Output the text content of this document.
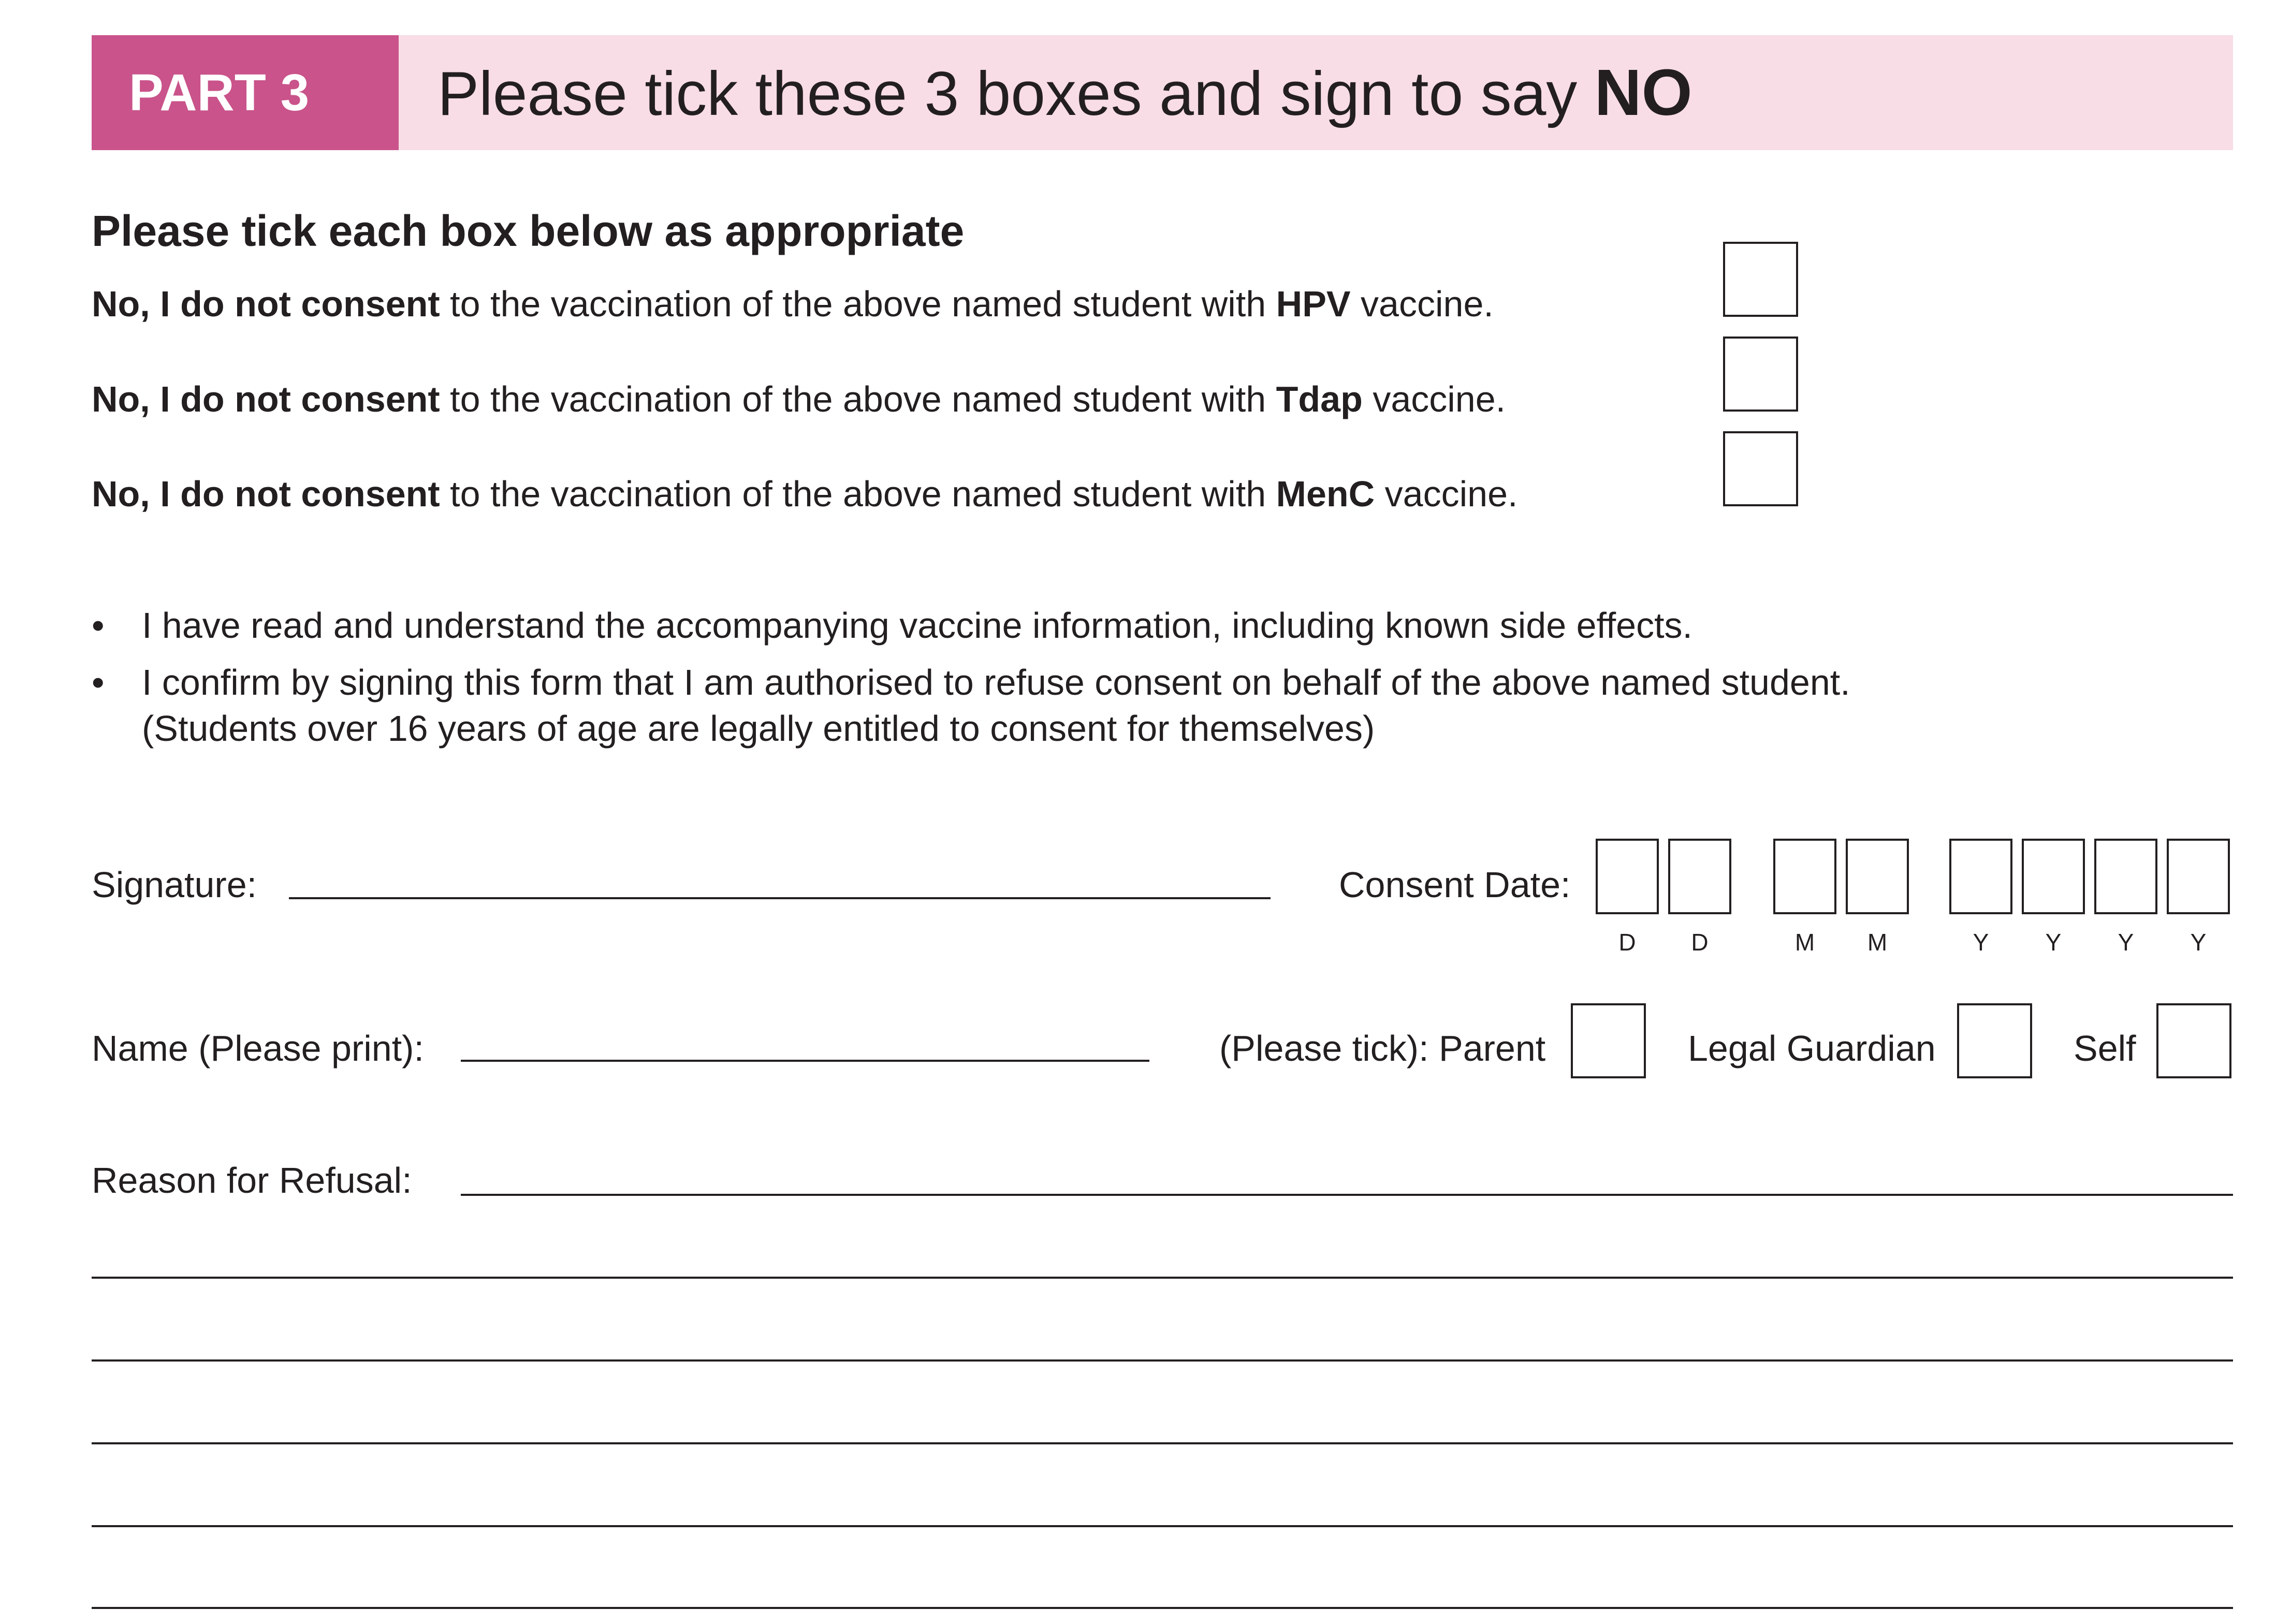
PART 3	Please tick these 3 boxes and sign to say NO
Please tick each box below as appropriate
No, I do not consent to the vaccination of the above named student with HPV vaccine.
No, I do not consent to the vaccination of the above named student with Tdap vaccine.
No, I do not consent to the vaccination of the above named student with MenC vaccine.
• I have read and understand the accompanying vaccine information, including known side effects.
• I confirm by signing this form that I am authorised to refuse consent on behalf of the above named student.
(Students over 16 years of age are legally entitled to consent for themselves)
Signature:	Consent Date:
D	D	M	M	Y	Y	Y	Y
Name (Please print):	(Please tick): Parent	Legal Guardian	Self
Reason for Refusal:
